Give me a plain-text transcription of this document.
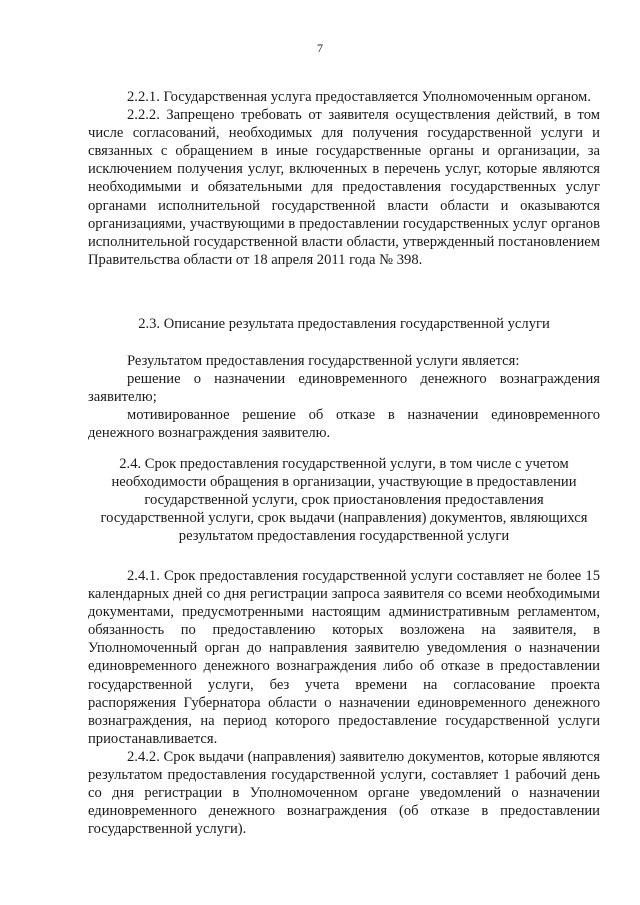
7

2.2.1. Государственная услуга предоставляется Уполномоченным органом.

2.2.2. Запрещено требовать от заявителя осуществления действий, в том числе согласований, необходимых для получения государственной услуги и связанных с обращением в иные государственные органы и организации, за исключением получения услуг, включенных в перечень услуг, которые являются необходимыми и обязательными для предоставления государственных услуг органами исполнительной государственной власти области и оказываются организациями, участвующими в предоставлении государственных услуг органов исполнительной государственной власти области, утвержденный постановлением Правительства области от 18 апреля 2011 года № 398.

2.3. Описание результата предоставления государственной услуги

Результатом предоставления государственной услуги является:

решение о назначении единовременного денежного вознаграждения заявителю;

мотивированное решение об отказе в назначении единовременного денежного вознаграждения заявителю.

2.4. Срок предоставления государственной услуги, в том числе с учетом необходимости обращения в организации, участвующие в предоставлении государственной услуги, срок приостановления предоставления государственной услуги, срок выдачи (направления) документов, являющихся результатом предоставления государственной услуги

2.4.1. Срок предоставления государственной услуги составляет не более 15 календарных дней со дня регистрации запроса заявителя со всеми необходимыми документами, предусмотренными настоящим административным регламентом, обязанность по предоставлению которых возложена на заявителя, в Уполномоченный орган до направления заявителю уведомления о назначении единовременного денежного вознаграждения либо об отказе в предоставлении государственной услуги, без учета времени на согласование проекта распоряжения Губернатора области о назначении единовременного денежного вознаграждения, на период которого предоставление государственной услуги приостанавливается.

2.4.2. Срок выдачи (направления) заявителю документов, которые являются результатом предоставления государственной услуги, составляет 1 рабочий день со дня регистрации в Уполномоченном органе уведомлений о назначении единовременного денежного вознаграждения (об отказе в предоставлении государственной услуги).
